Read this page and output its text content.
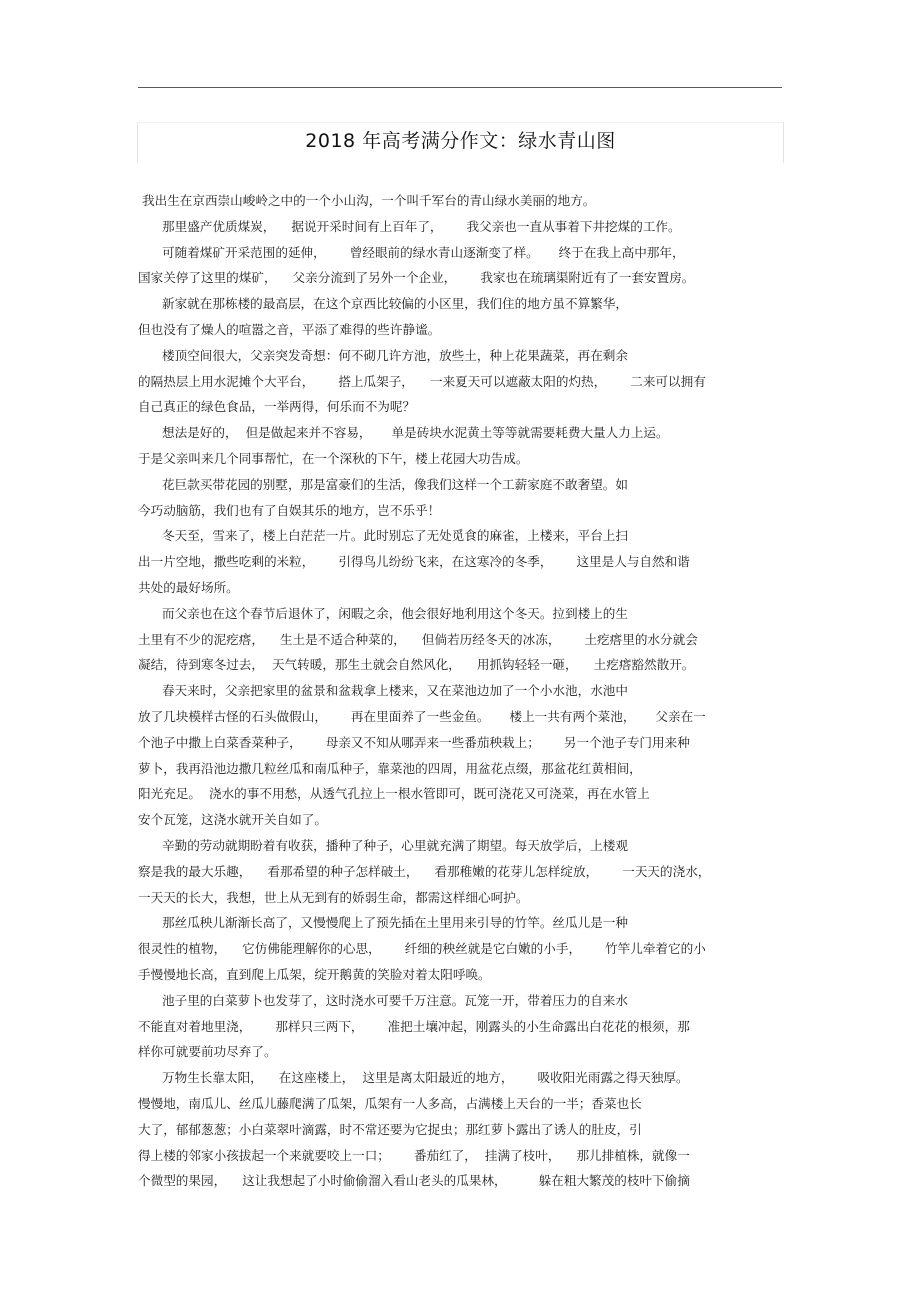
2018 年高考满分作文：绿水青山图
我出生在京西崇山峻岭之中的一个小山沟，一个叫千军台的青山绿水美丽的地方。
那里盛产优质煤炭，    据说开采时间有上百年了，      我父亲也一直从事着下井挖煤的工作。
可随着煤矿开采范围的延伸，      曾经眼前的绿水青山逐渐变了样。     终于在我上高中那年，
国家关停了这里的煤矿，    父亲分流到了另外一个企业，      我家也在琉璃渠附近有了一套安置房。
新家就在那栋楼的最高层，在这个京西比较偏的小区里，我们住的地方虽不算繁华，
但也没有了燥人的喧嚣之音，平添了难得的些许静谧。
楼顶空间很大，父亲突发奇想：何不砌几许方池，放些土，种上花果蔬菜，再在剩余
的隔热层上用水泥摊个大平台，      搭上瓜架子，    一来夏天可以遮蔽太阳的灼热，      二来可以拥有
自己真正的绿色食品，一举两得，何乐而不为呢？
想法是好的，  但是做起来并不容易，     单是砖块水泥黄土等等就需要耗费大量人力上运。
于是父亲叫来几个同事帮忙，在一个深秋的下午，楼上花园大功告成。
花巨款买带花园的别墅，那是富豪们的生活，像我们这样一个工薪家庭不敢奢望。如
今巧动脑筋，我们也有了自娱其乐的地方，岂不乐乎！
冬天至，雪来了，楼上白茫茫一片。此时别忘了无处觅食的麻雀，上楼来，平台上扫
出一片空地，撒些吃剩的米粒，      引得鸟儿纷纷飞来，在这寒冷的冬季，      这里是人与自然和谐
共处的最好场所。
而父亲也在这个春节后退休了，闲暇之余，他会很好地利用这个冬天。拉到楼上的生
土里有不少的泥疙瘩，    生土是不适合种菜的，    但倘若历经冬天的冰冻，      土疙瘩里的水分就会
凝结，待到寒冬过去，  天气转暖，那生土就会自然风化，    用抓钩轻轻一砸，    土疙瘩豁然散开。
春天来时，父亲把家里的盆景和盆栽拿上楼来，又在菜池边加了一个小水池，水池中
放了几块模样古怪的石头做假山，      再在里面养了一些金鱼。     楼上一共有两个菜池，     父亲在一
个池子中撒上白菜香菜种子，      母亲又不知从哪弄来一些番茄秧栽上；      另一个池子专门用来种
萝卜，我再沿池边撒几粒丝瓜和南瓜种子，靠菜池的四周，用盆花点缀，那盆花红黄相间，
阳光充足。  浇水的事不用愁，从透气孔拉上一根水管即可，既可浇花又可浇菜，再在水管上
安个瓦笼，这浇水就开关自如了。
辛勤的劳动就期盼着有收获，播种了种子，心里就充满了期望。每天放学后，上楼观
察是我的最大乐趣，    看那希望的种子怎样破土，    看那稚嫩的花芽儿怎样绽放，      一天天的浇水，
一天天的长大，我想，世上从无到有的娇弱生命，都需这样细心呵护。
那丝瓜秧儿渐渐长高了，又慢慢爬上了预先插在土里用来引导的竹竿。丝瓜儿是一种
很灵性的植物，    它仿佛能理解你的心思，      纤细的秧丝就是它白嫩的小手，      竹竿儿牵着它的小
手慢慢地长高，直到爬上瓜架，绽开鹅黄的笑脸对着太阳呼唤。
池子里的白菜萝卜也发芽了，这时浇水可要千万注意。瓦笼一开，带着压力的自来水
不能直对着地里浇，      那样只三两下，      准把土壤冲起，刚露头的小生命露出白花花的根须，那
样你可就要前功尽弃了。
万物生长靠太阳，    在这座楼上，  这里是离太阳最近的地方，      吸收阳光雨露之得天独厚。
慢慢地，南瓜儿、丝瓜儿藤爬满了瓜架，瓜架有一人多高，占满楼上天台的一半；香菜也长
大了，郁郁葱葱；小白菜翠叶滴露，时不常还要为它捉虫；那红萝卜露出了诱人的肚皮，引
得上楼的邻家小孩拔起一个来就要咬上一口；      番茄红了，  挂满了枝叶，    那儿排植株，就像一
个微型的果园，    这让我想起了小时偷偷溜入看山老头的瓜果林，        躲在粗大繁茂的枝叶下偷摘
